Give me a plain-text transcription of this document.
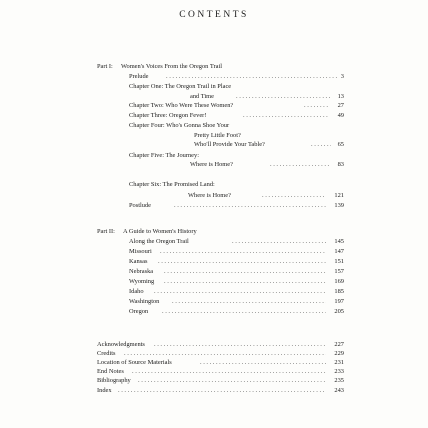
CONTENTS
Part I: Women's Voices From the Oregon Trail
Prelude .....	3
Chapter One: The Oregon Trail in Place
and Time .....	13
Chapter Two: Who Were These Women? .....	27
Chapter Three: Oregon Fever! .....	49
Chapter Four: Who's Gonna Shoe Your
Pretty Little Foot?
Who'll Provide Your Table? .....	65
Chapter Five: The Journey:
Where is Home? .....	83
Chapter Six: The Promised Land:
Where is Home? .....	121
Postlude .....	139
Part II: A Guide to Women's History
Along the Oregon Trail .....	145
Missouri .....	147
Kansas .....	151
Nebraska .....	157
Wyoming .....	169
Idaho .....	185
Washington .....	197
Oregon .....	205
Acknowledgments .....	227
Credits .....	229
Location of Source Materials .....	231
End Notes .....	233
Bibliography .....	235
Index .....	243
